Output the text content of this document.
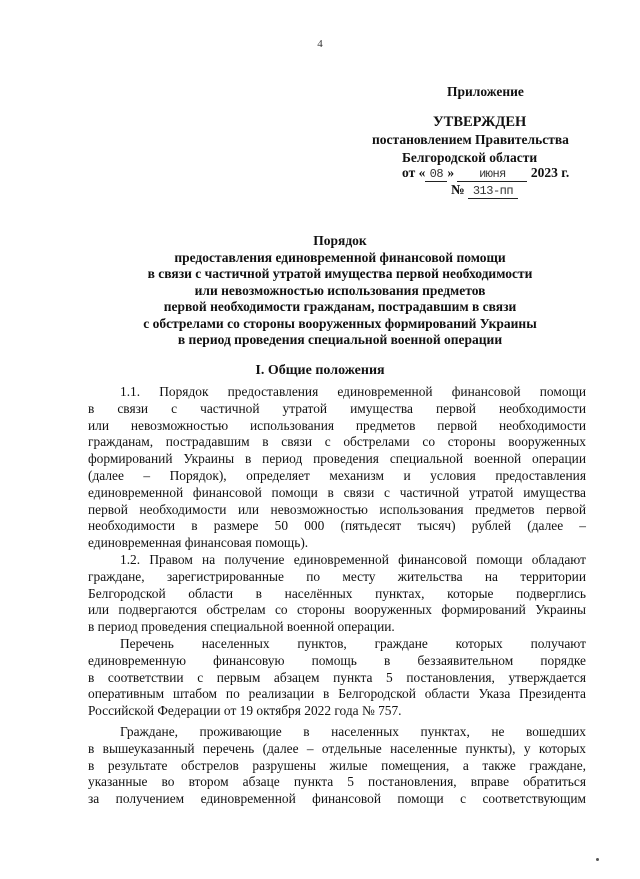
4
Приложение
УТВЕРЖДЕН
постановлением Правительства
Белгородской области
от « 08 » июня 2023 г.
№ 313-пп
Порядок
предоставления единовременной финансовой помощи
в связи с частичной утратой имущества первой необходимости
или невозможностью использования предметов
первой необходимости гражданам, пострадавшим в связи
с обстрелами со стороны вооруженных формирований Украины
в период проведения специальной военной операции
I. Общие положения
1.1. Порядок предоставления единовременной финансовой помощи
в связи с частичной утратой имущества первой необходимости
или невозможностью использования предметов первой необходимости
гражданам, пострадавшим в связи с обстрелами со стороны вооруженных
формирований Украины в период проведения специальной военной операции
(далее – Порядок), определяет механизм и условия предоставления
единовременной финансовой помощи в связи с частичной утратой имущества
первой необходимости или невозможностью использования предметов первой
необходимости в размере 50 000 (пятьдесят тысяч) рублей (далее –
единовременная финансовая помощь).
1.2. Правом на получение единовременной финансовой помощи обладают
граждане, зарегистрированные по месту жительства на территории
Белгородской области в населённых пунктах, которые подверглись
или подвергаются обстрелам со стороны вооруженных формирований Украины
в период проведения специальной военной операции.
Перечень населенных пунктов, граждане которых получают
единовременную финансовую помощь в беззаявительном порядке
в соответствии с первым абзацем пункта 5 постановления, утверждается
оперативным штабом по реализации в Белгородской области Указа Президента
Российской Федерации от 19 октября 2022 года № 757.
Граждане, проживающие в населенных пунктах, не вошедших
в вышеуказанный перечень (далее – отдельные населенные пункты), у которых
в результате обстрелов разрушены жилые помещения, а также граждане,
указанные во втором абзаце пункта 5 постановления, вправе обратиться
за получением единовременной финансовой помощи с соответствующим
